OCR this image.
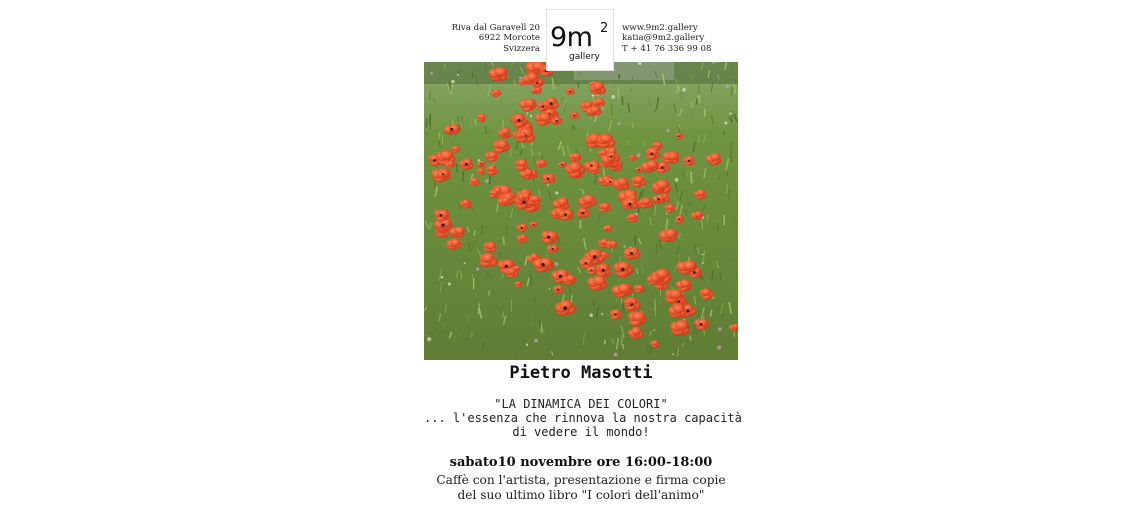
Riva dal Garavell 20
6922 Morcote
Svizzera 9m 2
gallery
www.9m2.gallery
katia@9m2.gallery
T + 41 76 336 99 08
Pietro Masotti
"LA DINAMICA DEI COLORI"
... l'essenza che rinnova la nostra capacità
di vedere il mondo!
sabato10 novembre ore 16:00-18:00
Caffè con l'artista, presentazione e firma copie
del suo ultimo libro "I colori dell'animo"
